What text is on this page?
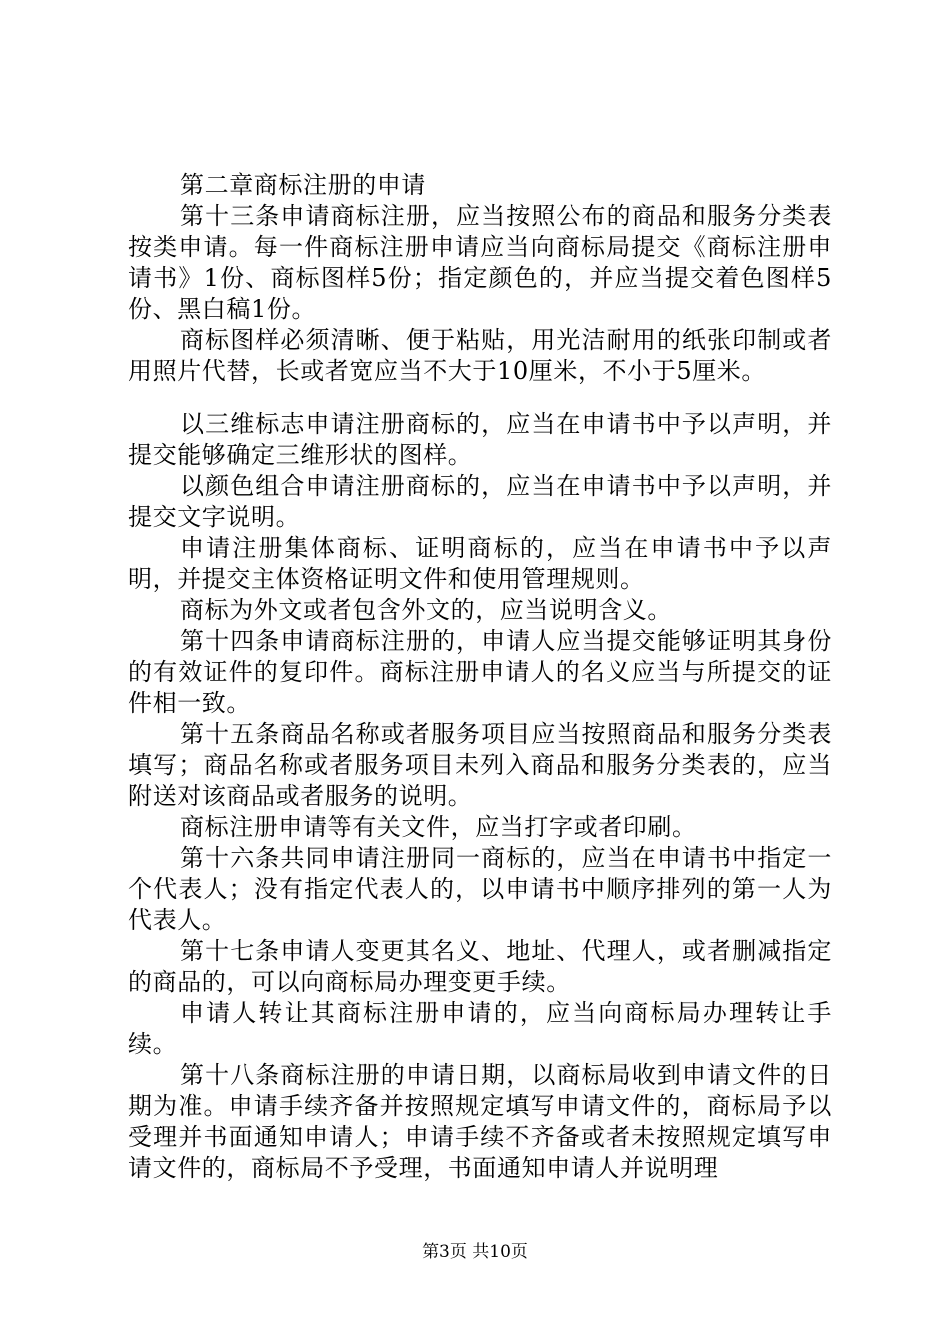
第二章商标注册的申请

第十三条申请商标注册，应当按照公布的商品和服务分类表按类申请。每一件商标注册申请应当向商标局提交《商标注册申请书》1份、商标图样5份；指定颜色的，并应当提交着色图样5份、黑白稿1份。

商标图样必须清晰、便于粘贴，用光洁耐用的纸张印制或者用照片代替，长或者宽应当不大于10厘米，不小于5厘米。

以三维标志申请注册商标的，应当在申请书中予以声明，并提交能够确定三维形状的图样。

以颜色组合申请注册商标的，应当在申请书中予以声明，并提交文字说明。

申请注册集体商标、证明商标的，应当在申请书中予以声明，并提交主体资格证明文件和使用管理规则。

商标为外文或者包含外文的，应当说明含义。

第十四条申请商标注册的，申请人应当提交能够证明其身份的有效证件的复印件。商标注册申请人的名义应当与所提交的证件相一致。

第十五条商品名称或者服务项目应当按照商品和服务分类表填写；商品名称或者服务项目未列入商品和服务分类表的，应当附送对该商品或者服务的说明。

商标注册申请等有关文件，应当打字或者印刷。

第十六条共同申请注册同一商标的，应当在申请书中指定一个代表人；没有指定代表人的，以申请书中顺序排列的第一人为代表人。

第十七条申请人变更其名义、地址、代理人，或者删减指定的商品的，可以向商标局办理变更手续。

申请人转让其商标注册申请的，应当向商标局办理转让手续。

第十八条商标注册的申请日期，以商标局收到申请文件的日期为准。申请手续齐备并按照规定填写申请文件的，商标局予以受理并书面通知申请人；申请手续不齐备或者未按照规定填写申请文件的，商标局不予受理，书面通知申请人并说明理

第3页 共10页
